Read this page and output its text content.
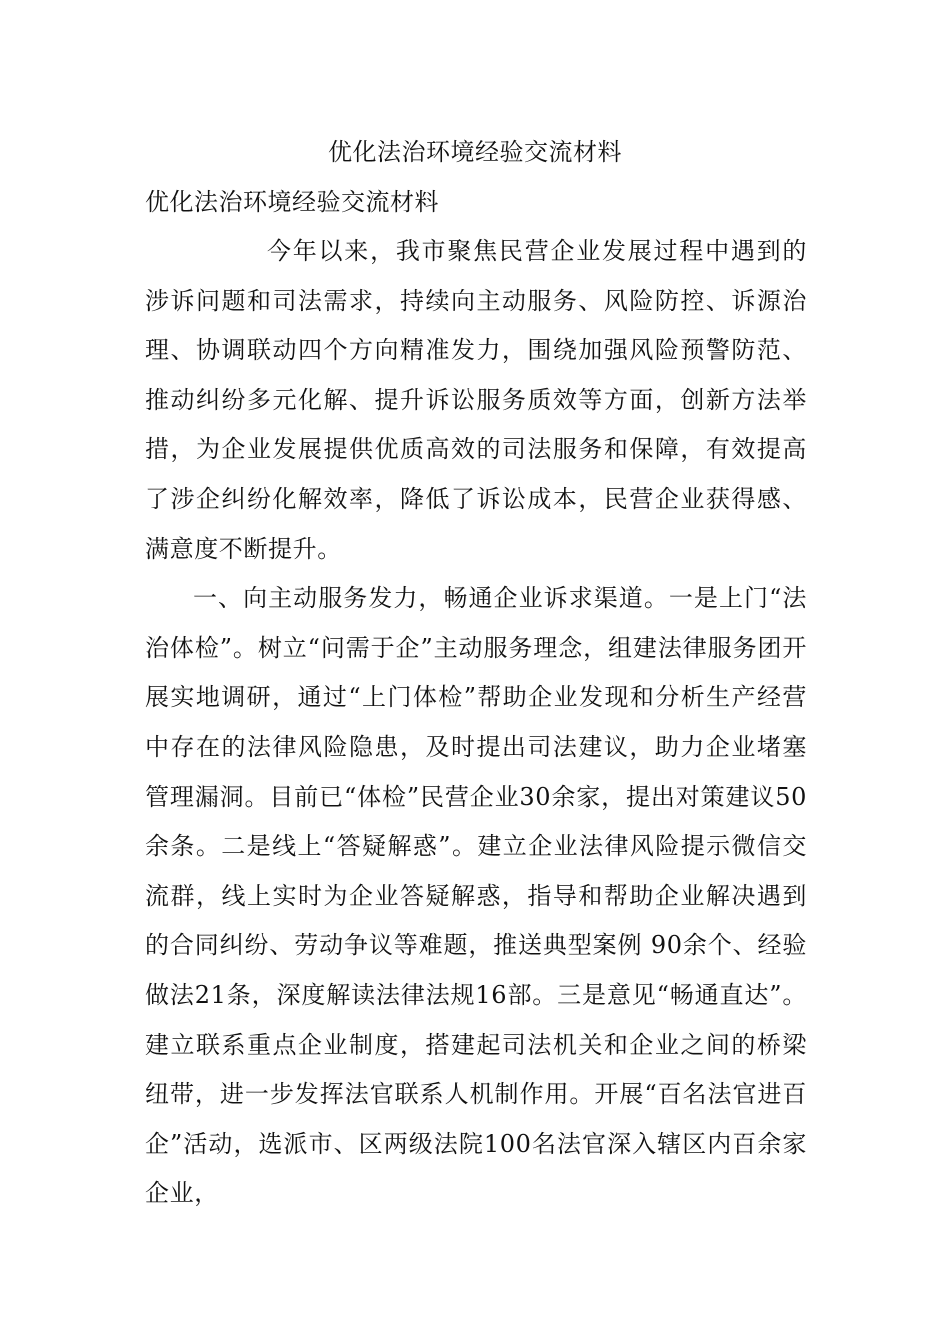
优化法治环境经验交流材料

优化法治环境经验交流材料

今年以来，我市聚焦民营企业发展过程中遇到的涉诉问题和司法需求，持续向主动服务、风险防控、诉源治理、协调联动四个方向精准发力，围绕加强风险预警防范、推动纠纷多元化解、提升诉讼服务质效等方面，创新方法举措，为企业发展提供优质高效的司法服务和保障，有效提高了涉企纠纷化解效率，降低了诉讼成本，民营企业获得感、满意度不断提升。

一、向主动服务发力，畅通企业诉求渠道。一是上门“法治体检”。树立“问需于企”主动服务理念，组建法律服务团开展实地调研，通过“上门体检”帮助企业发现和分析生产经营中存在的法律风险隐患，及时提出司法建议，助力企业堵塞管理漏洞。目前已“体检”民营企业30余家，提出对策建议50余条。二是线上“答疑解惑”。建立企业法律风险提示微信交流群，线上实时为企业答疑解惑，指导和帮助企业解决遇到的合同纠纷、劳动争议等难题，推送典型案例 90余个、经验做法21条，深度解读法律法规16部。三是意见“畅通直达”。建立联系重点企业制度，搭建起司法机关和企业之间的桥梁纽带，进一步发挥法官联系人机制作用。开展“百名法官进百企”活动，选派市、区两级法院100名法官深入辖区内百余家企业，
